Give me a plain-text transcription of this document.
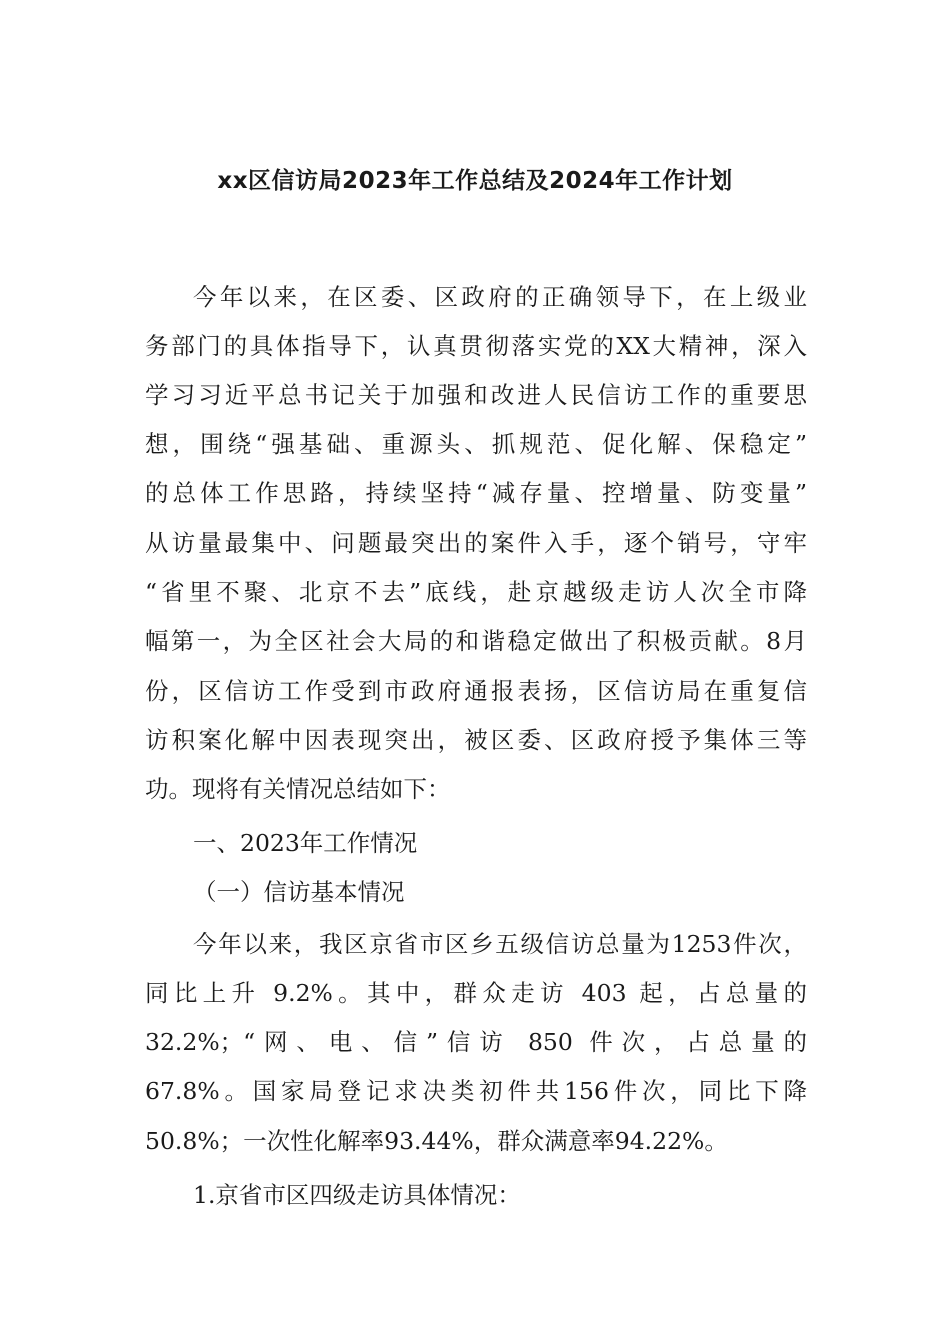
xx区信访局2023年工作总结及2024年工作计划
今年以来，在区委、区政府的正确领导下，在上级业
务部门的具体指导下，认真贯彻落实党的XX大精神，深入
学习习近平总书记关于加强和改进人民信访工作的重要思
想，围绕“强基础、重源头、抓规范、促化解、保稳定”
的总体工作思路，持续坚持“减存量、控增量、防变量”
从访量最集中、问题最突出的案件入手，逐个销号，守牢
“省里不聚、北京不去”底线，赴京越级走访人次全市降
幅第一，为全区社会大局的和谐稳定做出了积极贡献。8月
份，区信访工作受到市政府通报表扬，区信访局在重复信
访积案化解中因表现突出，被区委、区政府授予集体三等
功。现将有关情况总结如下：
一、2023年工作情况
（一）信访基本情况
今年以来，我区京省市区乡五级信访总量为1253件次，
同比上升 9.2%。其中，群众走访 403 起，占总量的
32.2%；“网、电、信”信访 850 件次，占总量的
67.8%。国家局登记求决类初件共156件次，同比下降
50.8%；一次性化解率93.44%，群众满意率94.22%。
1.京省市区四级走访具体情况：
